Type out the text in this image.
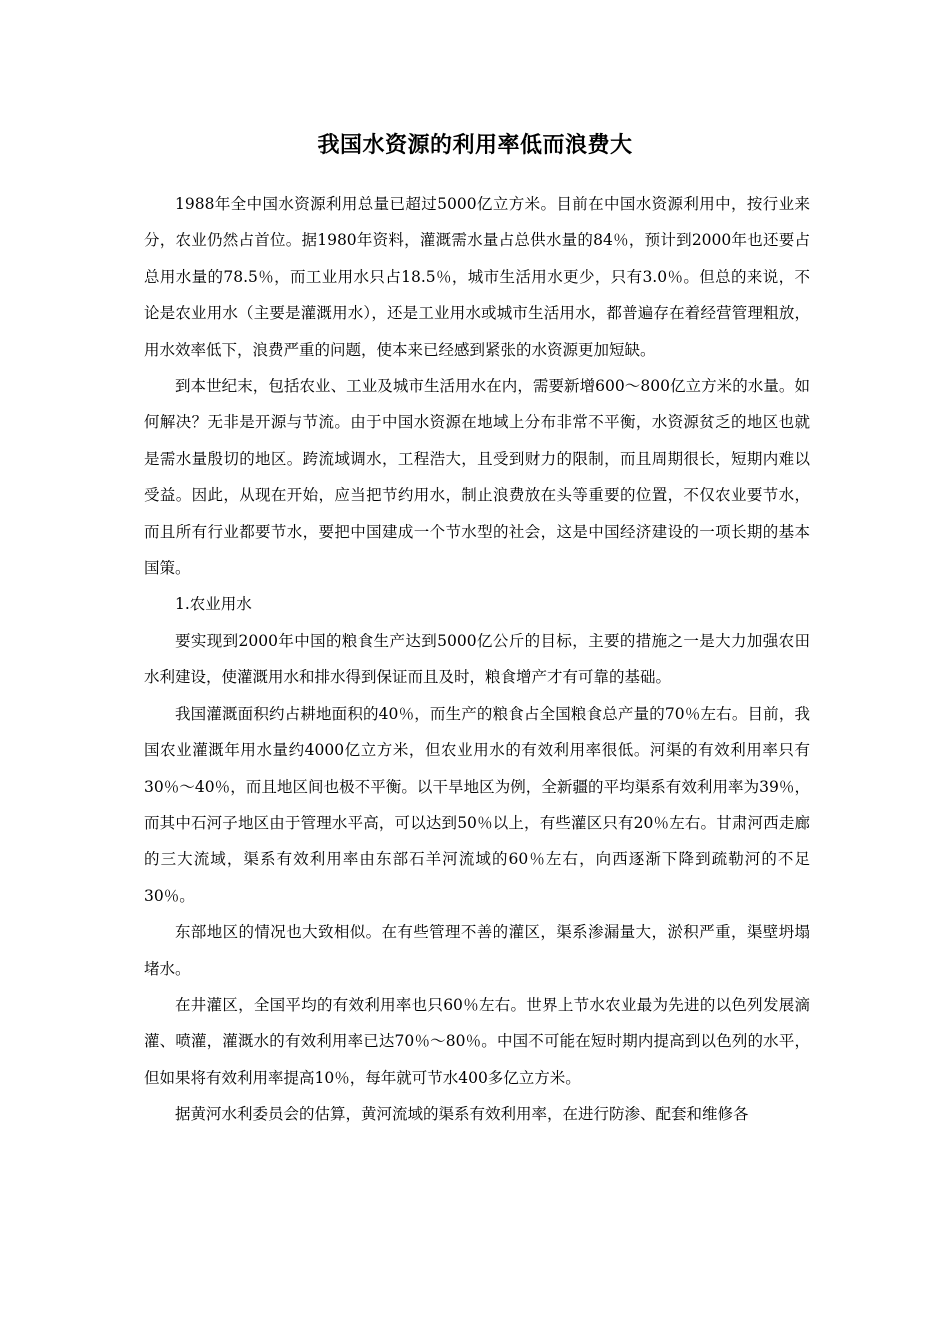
我国水资源的利用率低而浪费大

1988年全中国水资源利用总量已超过5000亿立方米。目前在中国水资源利用中，按行业来分，农业仍然占首位。据1980年资料，灌溉需水量占总供水量的84％，预计到2000年也还要占总用水量的78.5％，而工业用水只占18.5％，城市生活用水更少，只有3.0％。但总的来说，不论是农业用水（主要是灌溉用水），还是工业用水或城市生活用水，都普遍存在着经营管理粗放，用水效率低下，浪费严重的问题，使本来已经感到紧张的水资源更加短缺。

到本世纪末，包括农业、工业及城市生活用水在内，需要新增600～800亿立方米的水量。如何解决？无非是开源与节流。由于中国水资源在地域上分布非常不平衡，水资源贫乏的地区也就是需水量殷切的地区。跨流域调水，工程浩大，且受到财力的限制，而且周期很长，短期内难以受益。因此，从现在开始，应当把节约用水，制止浪费放在头等重要的位置，不仅农业要节水，而且所有行业都要节水，要把中国建成一个节水型的社会，这是中国经济建设的一项长期的基本国策。

1.农业用水

要实现到2000年中国的粮食生产达到5000亿公斤的目标，主要的措施之一是大力加强农田水利建设，使灌溉用水和排水得到保证而且及时，粮食增产才有可靠的基础。

我国灌溉面积约占耕地面积的40％，而生产的粮食占全国粮食总产量的70％左右。目前，我国农业灌溉年用水量约4000亿立方米，但农业用水的有效利用率很低。河渠的有效利用率只有30％～40％，而且地区间也极不平衡。以干旱地区为例，全新疆的平均渠系有效利用率为39％，而其中石河子地区由于管理水平高，可以达到50％以上，有些灌区只有20％左右。甘肃河西走廊的三大流域，渠系有效利用率由东部石羊河流域的60％左右，向西逐渐下降到疏勒河的不足30％。

东部地区的情况也大致相似。在有些管理不善的灌区，渠系渗漏量大，淤积严重，渠壁坍塌堵水。

在井灌区，全国平均的有效利用率也只60％左右。世界上节水农业最为先进的以色列发展滴灌、喷灌，灌溉水的有效利用率已达70％～80％。中国不可能在短时期内提高到以色列的水平，但如果将有效利用率提高10％，每年就可节水400多亿立方米。

据黄河水利委员会的估算，黄河流域的渠系有效利用率，在进行防渗、配套和维修各
